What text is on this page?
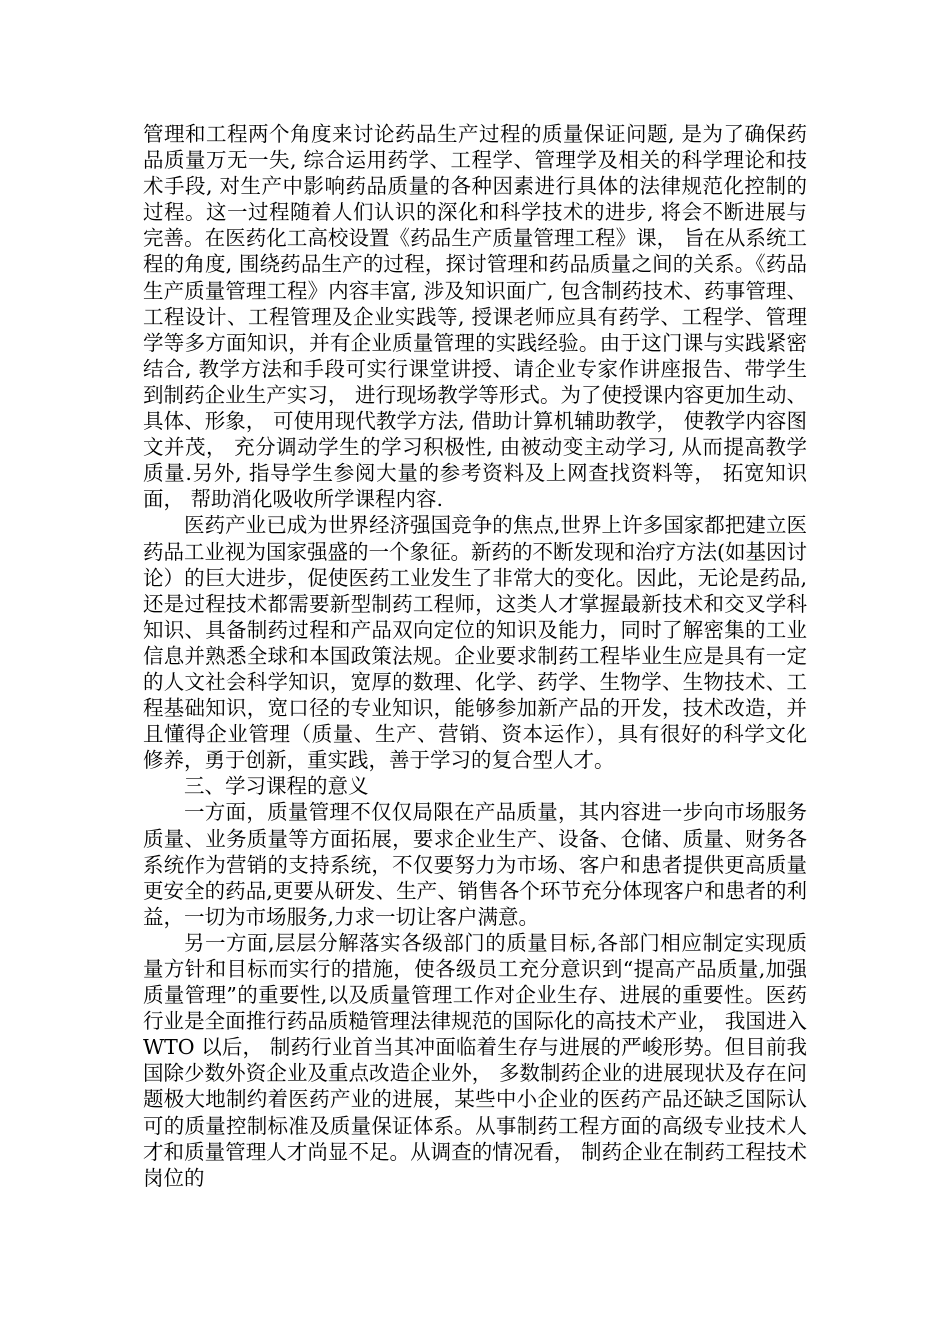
管理和工程两个角度来讨论药品生产过程的质量保证问题, 是为了确保药品质量万无一失, 综合运用药学、工程学、管理学及相关的科学理论和技术手段, 对生产中影响药品质量的各种因素进行具体的法律规范化控制的过程。这一过程随着人们认识的深化和科学技术的进步, 将会不断进展与完善。在医药化工高校设置《药品生产质量管理工程》课， 旨在从系统工程的角度, 围绕药品生产的过程，探讨管理和药品质量之间的关系。《药品生产质量管理工程》内容丰富, 涉及知识面广, 包含制药技术、药事管理、工程设计、工程管理及企业实践等, 授课老师应具有药学、工程学、管理学等多方面知识，并有企业质量管理的实践经验。由于这门课与实践紧密结合, 教学方法和手段可实行课堂讲授、请企业专家作讲座报告、带学生到制药企业生产实习， 进行现场教学等形式。为了使授课内容更加生动、具体、形象， 可使用现代教学方法, 借助计算机辅助教学， 使教学内容图文并茂， 充分调动学生的学习积极性, 由被动变主动学习, 从而提高教学质量.另外, 指导学生参阅大量的参考资料及上网查找资料等， 拓宽知识面， 帮助消化吸收所学课程内容.

医药产业已成为世界经济强国竞争的焦点,世界上许多国家都把建立医药品工业视为国家强盛的一个象征。新药的不断发现和治疗方法(如基因讨论）的巨大进步，促使医药工业发生了非常大的变化。因此，无论是药品,还是过程技术都需要新型制药工程师，这类人才掌握最新技术和交叉学科知识、具备制药过程和产品双向定位的知识及能力，同时了解密集的工业信息并熟悉全球和本国政策法规。企业要求制药工程毕业生应是具有一定的人文社会科学知识，宽厚的数理、化学、药学、生物学、生物技术、工程基础知识，宽口径的专业知识，能够参加新产品的开发，技术改造，并且懂得企业管理（质量、生产、营销、资本运作），具有很好的科学文化修养，勇于创新，重实践，善于学习的复合型人才。

三、学习课程的意义

一方面，质量管理不仅仅局限在产品质量，其内容进一步向市场服务质量、业务质量等方面拓展，要求企业生产、设备、仓储、质量、财务各系统作为营销的支持系统，不仅要努力为市场、客户和患者提供更高质量更安全的药品,更要从研发、生产、销售各个环节充分体现客户和患者的利益，一切为市场服务,力求一切让客户满意。

另一方面,层层分解落实各级部门的质量目标,各部门相应制定实现质量方针和目标而实行的措施，使各级员工充分意识到“提高产品质量,加强质量管理”的重要性,以及质量管理工作对企业生存、进展的重要性。医药行业是全面推行药品质糙管理法律规范的国际化的高技术产业， 我国进入 WTO 以后， 制药行业首当其冲面临着生存与进展的严峻形势。但目前我国除少数外资企业及重点改造企业外， 多数制药企业的进展现状及存在问题极大地制约着医药产业的进展，某些中小企业的医药产品还缺乏国际认可的质量控制标准及质量保证体系。从事制药工程方面的高级专业技术人才和质量管理人才尚显不足。从调查的情况看， 制药企业在制药工程技术岗位的
